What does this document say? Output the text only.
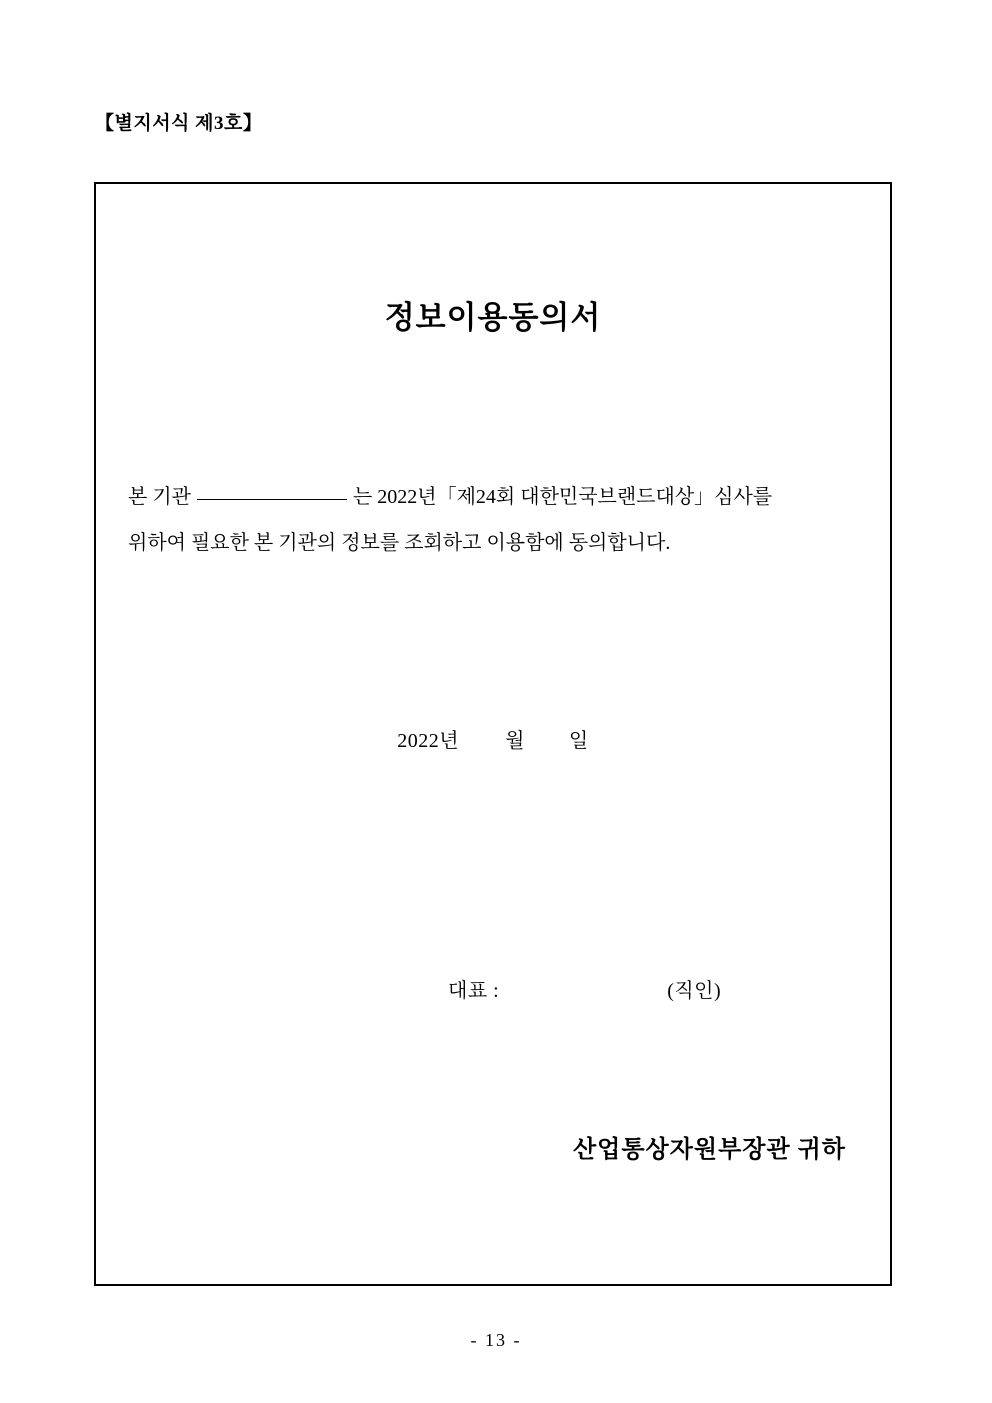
【별지서식 제3호】
정보이용동의서
본 기관	는 2022년「제24회 대한민국브랜드대상」심사를
위하여 필요한 본 기관의 정보를 조회하고 이용함에 동의합니다.
2022년 월 일
대표 :	(직인)
산업통상자원부장관 귀하
- 13 -
